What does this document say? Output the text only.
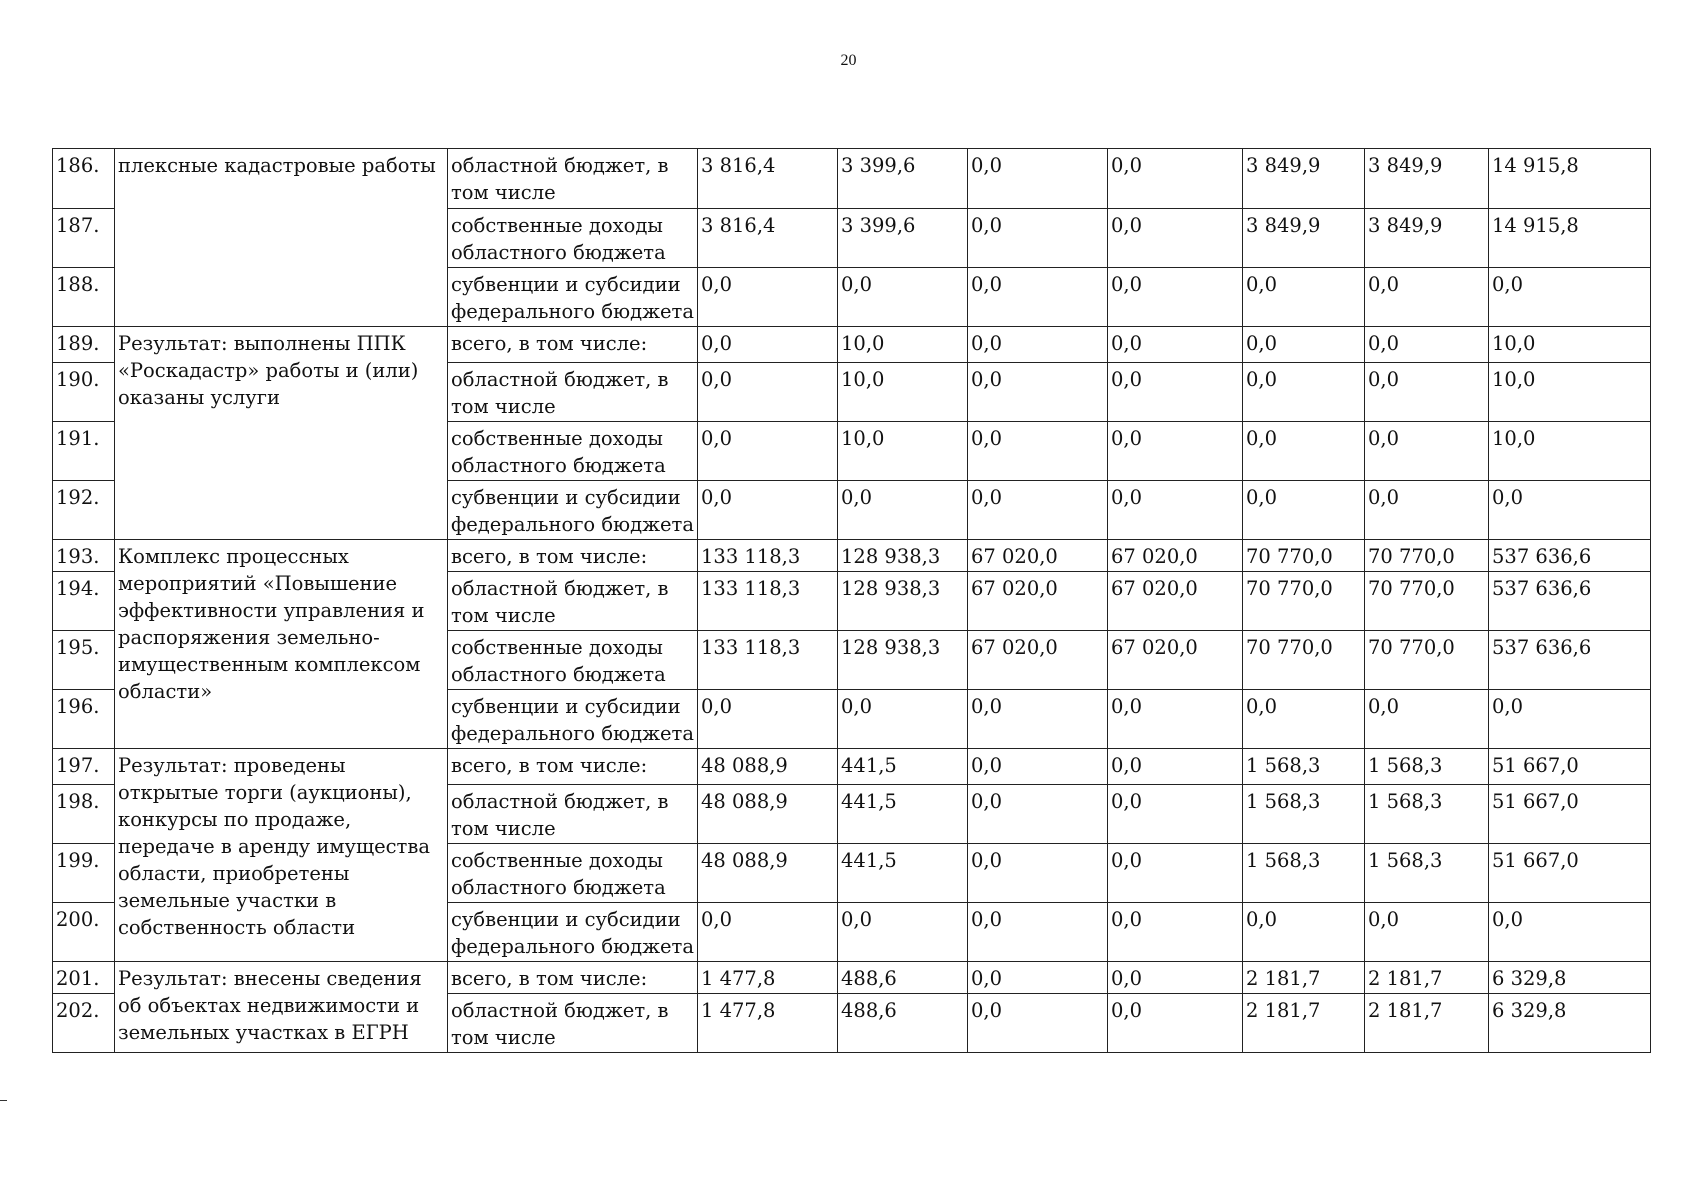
20
186.	плексные кадастровые работы	областной бюджет, в том числе	3 816,4	3 399,6	0,0	0,0	3 849,9	3 849,9	14 915,8
187.		собственные доходы областного бюджета	3 816,4	3 399,6	0,0	0,0	3 849,9	3 849,9	14 915,8
188.		субвенции и субсидии федерального бюджета	0,0	0,0	0,0	0,0	0,0	0,0	0,0
189.	Результат: выполнены ППК «Роскадастр» работы и (или) оказаны услуги	всего, в том числе:	0,0	10,0	0,0	0,0	0,0	0,0	10,0
190.		областной бюджет, в том числе	0,0	10,0	0,0	0,0	0,0	0,0	10,0
191.		собственные доходы областного бюджета	0,0	10,0	0,0	0,0	0,0	0,0	10,0
192.		субвенции и субсидии федерального бюджета	0,0	0,0	0,0	0,0	0,0	0,0	0,0
193.	Комплекс процессных мероприятий «Повышение эффективности управления и распоряжения земельно-имущественным комплексом области»	всего, в том числе:	133 118,3	128 938,3	67 020,0	67 020,0	70 770,0	70 770,0	537 636,6
194.		областной бюджет, в том числе	133 118,3	128 938,3	67 020,0	67 020,0	70 770,0	70 770,0	537 636,6
195.		собственные доходы областного бюджета	133 118,3	128 938,3	67 020,0	67 020,0	70 770,0	70 770,0	537 636,6
196.		субвенции и субсидии федерального бюджета	0,0	0,0	0,0	0,0	0,0	0,0	0,0
197.	Результат: проведены открытые торги (аукционы), конкурсы по продаже, передаче в аренду имущества области, приобретены земельные участки в собственность области	всего, в том числе:	48 088,9	441,5	0,0	0,0	1 568,3	1 568,3	51 667,0
198.		областной бюджет, в том числе	48 088,9	441,5	0,0	0,0	1 568,3	1 568,3	51 667,0
199.		собственные доходы областного бюджета	48 088,9	441,5	0,0	0,0	1 568,3	1 568,3	51 667,0
200.		субвенции и субсидии федерального бюджета	0,0	0,0	0,0	0,0	0,0	0,0	0,0
201.	Результат: внесены сведения об объектах недвижимости и земельных участках в ЕГРН	всего, в том числе:	1 477,8	488,6	0,0	0,0	2 181,7	2 181,7	6 329,8
202.		областной бюджет, в том числе	1 477,8	488,6	0,0	0,0	2 181,7	2 181,7	6 329,8
